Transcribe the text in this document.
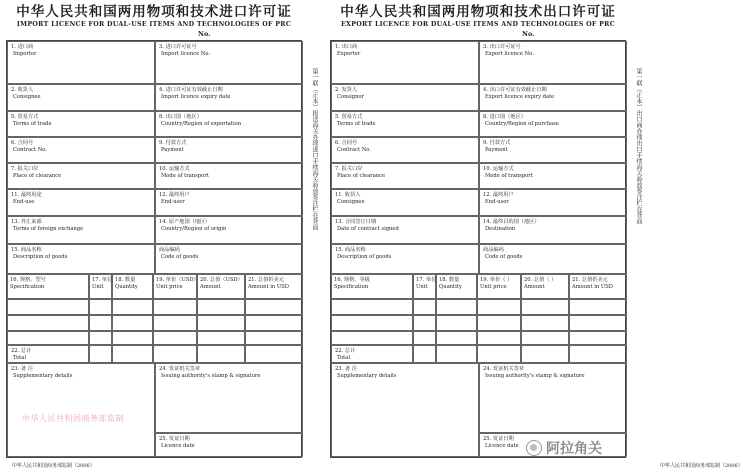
中华人民共和国两用物项和技术进口许可证
IMPORT LICENCE FOR DUAL-USE ITEMS AND TECHNOLOGIES OF PRC
No.
1. 进口商
Importer
3. 进口许可证号
Import licence No.
2. 收货人
Consignee
4. 进口许可证有效截止日期
Import licence expiry date
5. 贸易方式
Terms of trade
8. 出口国（地区）
Country/Region of exportation
6. 合同号
Contract No.
9. 付款方式
Payment
7. 报关口岸
Place of clearance
10. 运输方式
Mode of transport
11. 最终用途
End-use
12. 最终用户
End-user
13. 外汇来源
Terms of foreign exchange
14. 原产地国（地区）
Country/Region of origin
15. 商品名称
Description of goods
商品编码
Code of goods
16. 规格、型号
Specification
17. 单位
Unit
18. 数量
Quantity
19. 单价（USD）
Unit price
20. 总值（USD）
Amount
21. 总值折美元
Amount in USD
22. 总计
Total
23. 备 注
Supplementary details
24. 发证机关签章
Issuing authority's stamp & signature
25. 发证日期
Licence date
中华人民共和国商务部监制
中华人民共和国商务部监制（2006）
第一联（正本）报送海关办理进口手续海关验放签注栏在背面
中华人民共和国两用物项和技术出口许可证
EXPORT LICENCE FOR DUAL-USE ITEMS AND TECHNOLOGIES OF PRC
No.
1. 出口商
Exporter
3. 出口许可证号
Export licence No.
2. 发货人
Consignor
4. 出口许可证有效截止日期
Export licence expiry date
5. 贸易方式
Terms of trade
8. 进口国（地区）
Country/Region of purchase
6. 合同号
Contract No.
9. 付款方式
Payment
7. 报关口岸
Place of clearance
10. 运输方式
Mode of transport
11. 收货人
Consignee
12. 最终用户
End-user
13. 合同签订日期
Date of contract signed
14. 最终目的国（地区）
Destination
15. 商品名称
Description of goods
商品编码
Code of goods
16. 规格、等级
Specification
17. 单位
Unit
18. 数量
Quantity
19. 单价（ ）
Unit price
20. 总值（ ）
Amount
21. 总值折美元
Amount in USD
22. 总计
Total
23. 备 注
Supplementary details
24. 发证机关签章
Issuing authority's stamp & signature
25. 发证日期
Licence date
中华人民共和国商务部监制（2006）
第一联（正本）出口商办理出口手续海关验放签注栏在背面
阿拉角关
